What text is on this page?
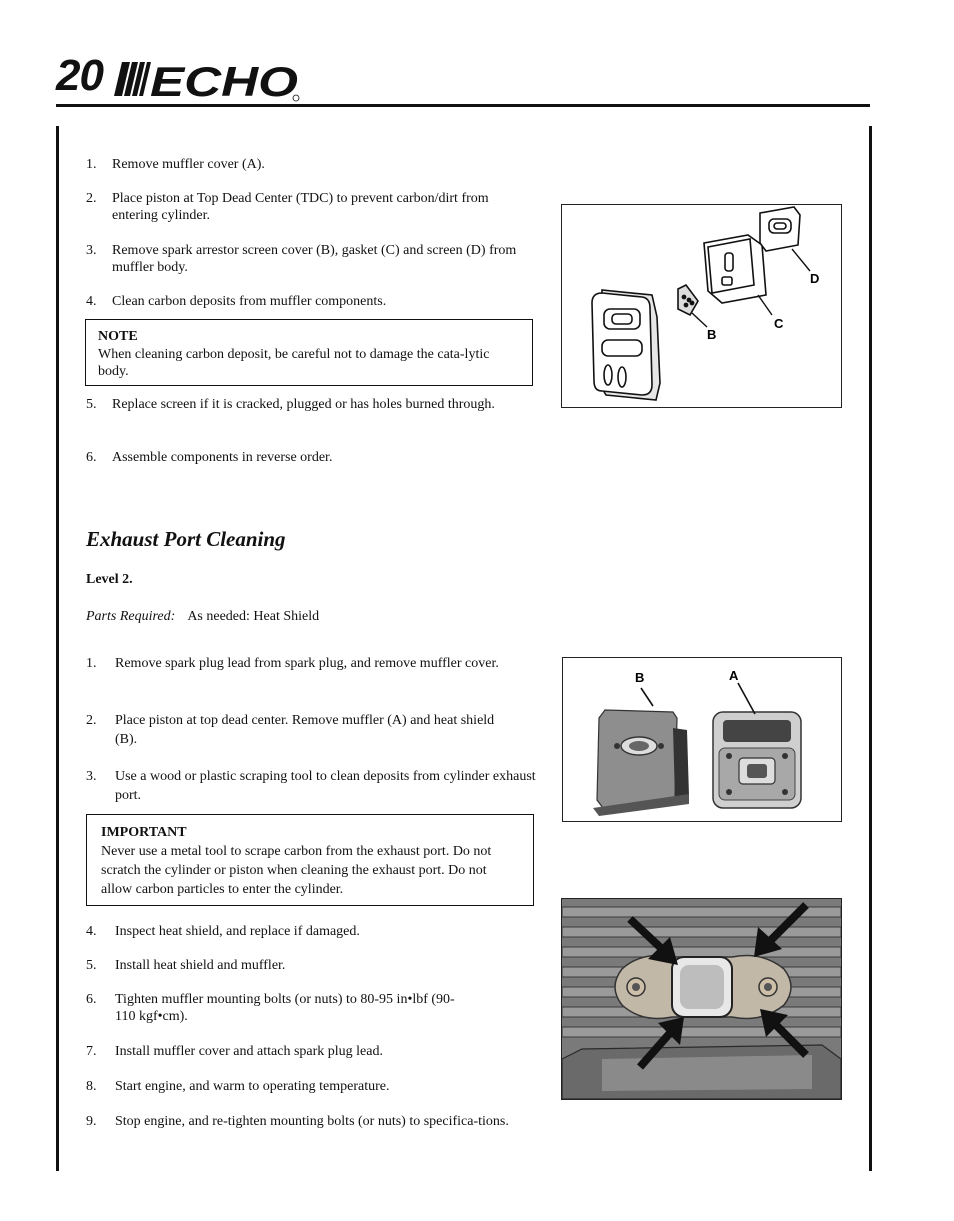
20 ECHO
1.	Remove muffler cover (A).
2.	Place piston at Top Dead Center (TDC) to prevent carbon/dirt from entering cylinder.
3.	Remove spark arrestor screen cover (B), gasket (C) and screen (D) from muffler body.
4.	Clean carbon deposits from muffler components.
NOTE
When cleaning carbon deposit, be careful not to damage the cata-lytic body.
5.	Replace screen if it is cracked, plugged or has holes burned through.
6.	Assemble components in reverse order.
B
C
D
Exhaust Port Cleaning
Level 2.
Parts Required: As needed: Heat Shield
1.	Remove spark plug lead from spark plug, and remove muffler cover.
2.	Place piston at top dead center. Remove muffler (A) and heat shield (B).
3.	Use a wood or plastic scraping tool to clean deposits from cylinder exhaust port.
IMPORTANT
Never use a metal tool to scrape carbon from the exhaust port. Do not scratch the cylinder or piston when cleaning the exhaust port. Do not allow carbon particles to enter the cylinder.
4.	Inspect heat shield, and replace if damaged.
5.	Install heat shield and muffler.
6.	Tighten muffler mounting bolts (or nuts) to 80-95 in•lbf (90-110 kgf•cm).
7.	Install muffler cover and attach spark plug lead.
8.	Start engine, and warm to operating temperature.
9.	Stop engine, and re-tighten mounting bolts (or nuts) to specifica-tions.
B	A
